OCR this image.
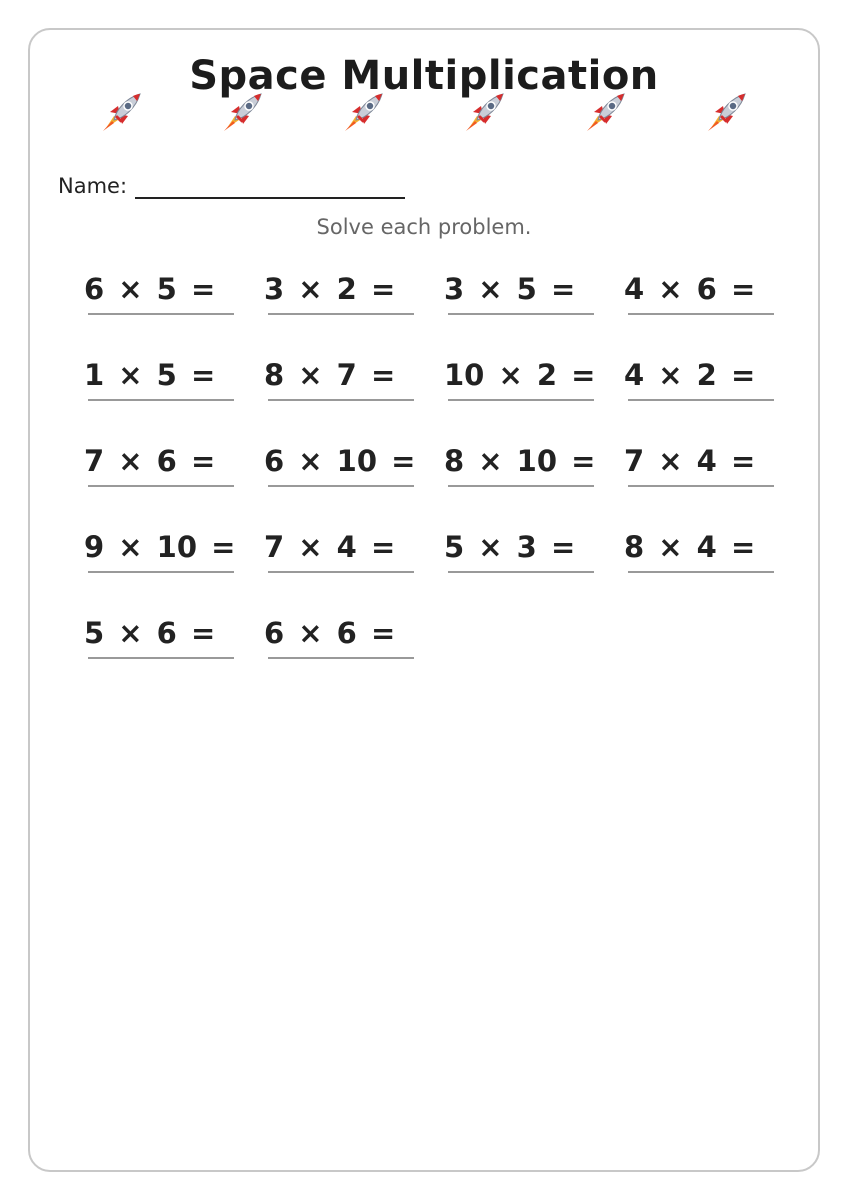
Space Multiplication
Name:
Solve each problem.
6 × 5 = 3 × 2 = 3 × 5 = 4 × 6 =
1 × 5 = 8 × 7 = 10 × 2 = 4 × 2 =
7 × 6 = 6 × 10 = 8 × 10 = 7 × 4 =
9 × 10 = 7 × 4 = 5 × 3 = 8 × 4 =
5 × 6 = 6 × 6 =
